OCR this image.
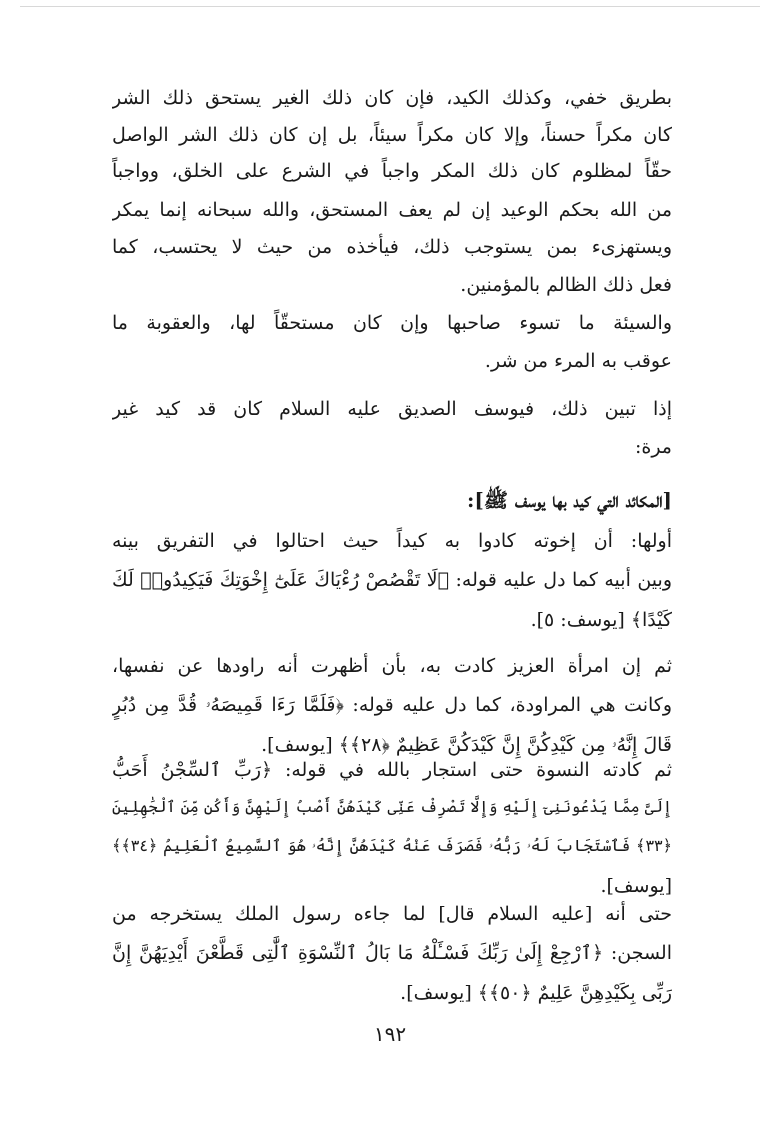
بطريق خفي، وكذلك الكيد، فإن كان ذلك الغير يستحق ذلك الشر
كان مكراً حسناً، وإلا كان مكراً سيئاً، بل إن كان ذلك الشر الواصل
حقّاً لمظلوم كان ذلك المكر واجباً في الشرع على الخلق، وواجباً
من الله بحكم الوعيد إن لم يعف المستحق، والله سبحانه إنما يمكر
ويستهزىء بمن يستوجب ذلك، فيأخذه من حيث لا يحتسب، كما
فعل ذلك الظالم بالمؤمنين.
والسيئة ما تسوء صاحبها وإن كان مستحقّاً لها، والعقوبة ما
عوقب به المرء من شر.
إذا تبين ذلك، فيوسف الصديق عليه السلام كان قد كيد غير
مرة:
[المكائد التي كيد بها يوسف ﷺ]:
أولها: أن إخوته كادوا به كيداً حيث احتالوا في التفريق بينه
وبين أبيه كما دل عليه قوله: ﴿لَا تَقْصُصْ رُءْيَاكَ عَلَىٰٓ إِخْوَتِكَ فَيَكِيدُوا۟ لَكَ
كَيْدًا﴾ [يوسف: ٥].
ثم إن امرأة العزيز كادت به، بأن أظهرت أنه راودها عن نفسها،
وكانت هي المراودة، كما دل عليه قوله: ﴿فَلَمَّا رَءَا قَمِيصَهُۥ قُدَّ مِن دُبُرٍ
قَالَ إِنَّهُۥ مِن كَيْدِكُنَّ إِنَّ كَيْدَكُنَّ عَظِيمٌ ﴿٢٨﴾﴾ [يوسف].
ثم كادته النسوة حتى استجار بالله في قوله: ﴿رَبِّ ٱلسِّجْنُ أَحَبُّ
إِلَىَّ مِمَّا يَدْعُونَنِىٓ إِلَيْهِ وَإِلَّا تَصْرِفْ عَنِّى كَيْدَهُنَّ أَصْبُ إِلَيْهِنَّ وَأَكُن مِّنَ ٱلْجَٰهِلِينَ
﴿٣٣﴾ فَٱسْتَجَابَ لَهُۥ رَبُّهُۥ فَصَرَفَ عَنْهُ كَيْدَهُنَّ إِنَّهُۥ هُوَ ٱلسَّمِيعُ ٱلْعَلِيمُ ﴿٣٤﴾﴾
[يوسف].
حتى أنه [عليه السلام قال] لما جاءه رسول الملك يستخرجه من
السجن: ﴿ٱرْجِعْ إِلَىٰ رَبِّكَ فَسْـَٔلْهُ مَا بَالُ ٱلنِّسْوَةِ ٱلَّٰتِى قَطَّعْنَ أَيْدِيَهُنَّ إِنَّ
رَبِّى بِكَيْدِهِنَّ عَلِيمٌ ﴿٥٠﴾﴾ [يوسف].
١٩٢
